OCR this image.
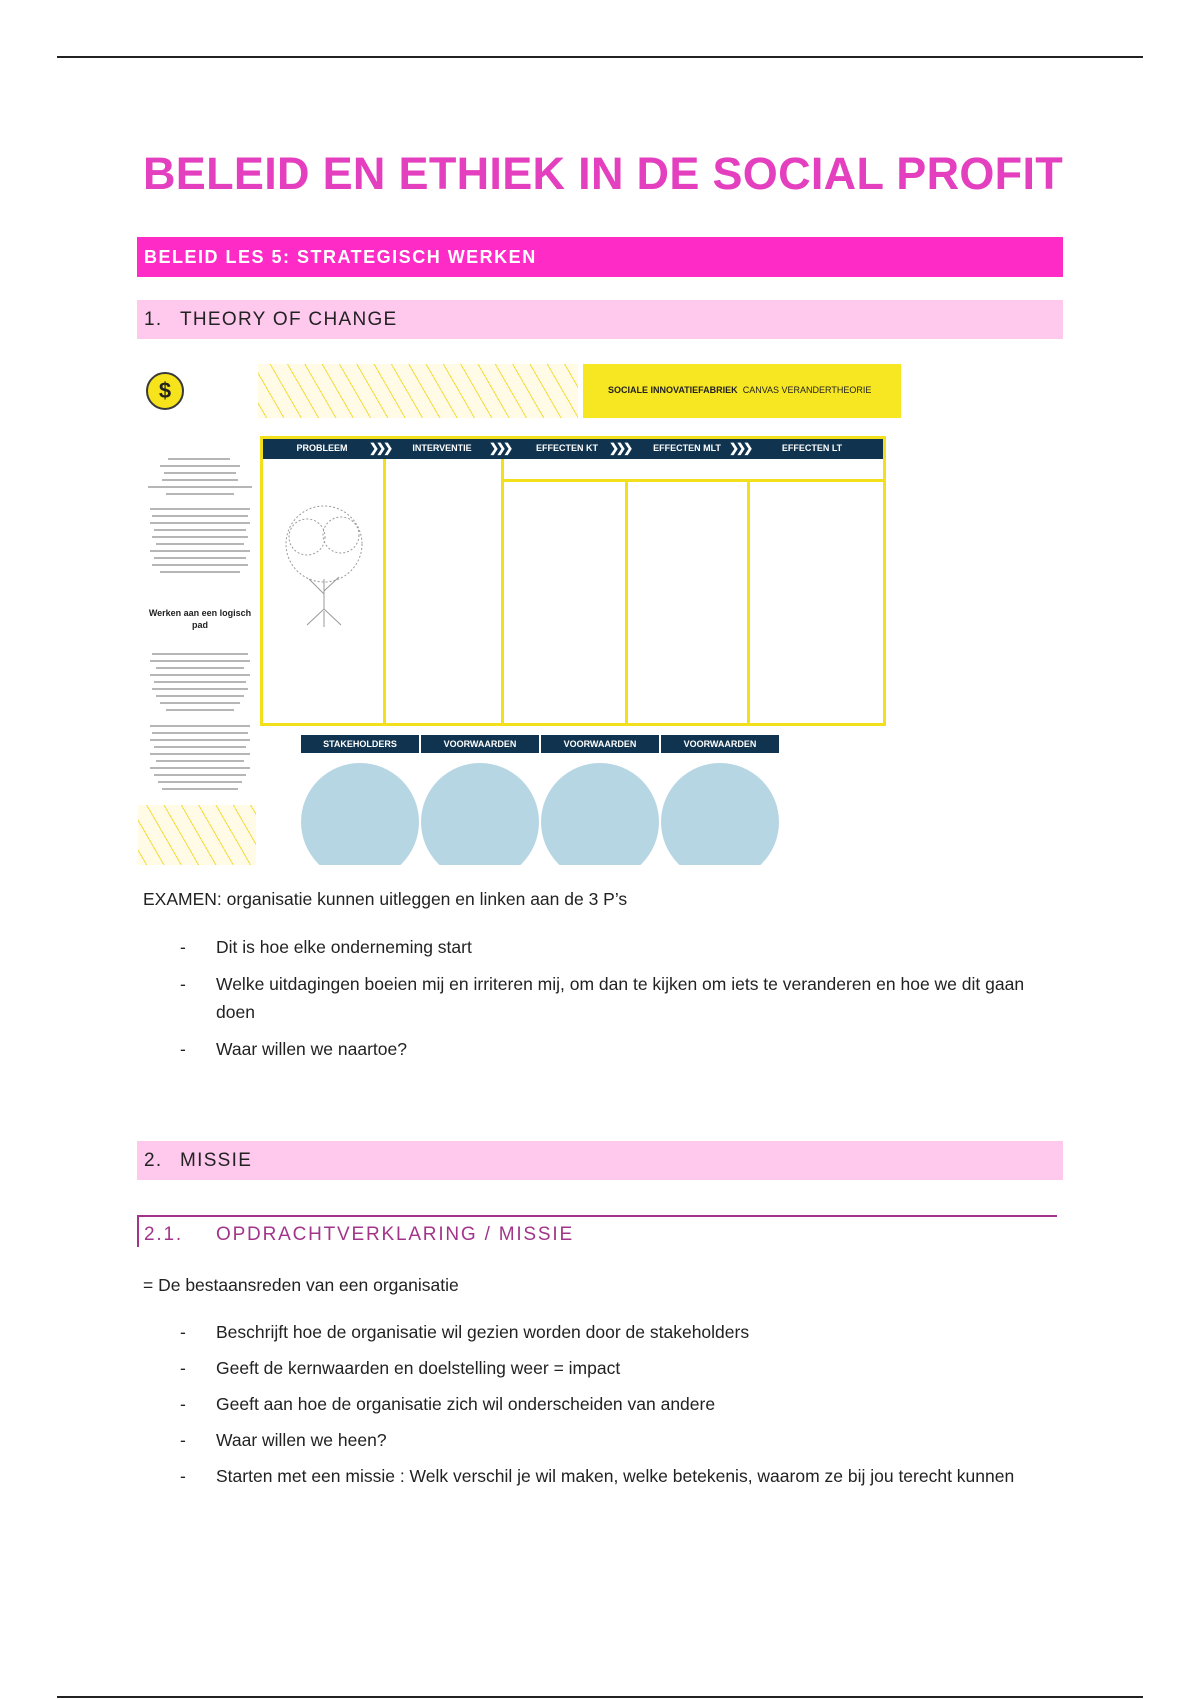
BELEID EN ETHIEK IN DE SOCIAL PROFIT
BELEID LES 5: STRATEGISCH WERKEN
1. THEORY OF CHANGE
$	SOCIALE INNOVATIEFABRIEK CANVAS VERANDERTHEORIE
Werken aan een logisch pad
PROBLEEM	❯❯❯	INTERVENTIE	❯❯❯	EFFECTEN KT ❯❯❯	EFFECTEN MLT ❯❯❯	EFFECTEN LT
STAKEHOLDERS	VOORWAARDEN	VOORWAARDEN	VOORWAARDEN

EXAMEN: organisatie kunnen uitleggen en linken aan de 3 P’s

- Dit is hoe elke onderneming start
- Welke uitdagingen boeien mij en irriteren mij, om dan te kijken om iets te veranderen en hoe we dit gaan doen
- Waar willen we naartoe?
2. MISSIE
2.1. OPDRACHTVERKLARING / MISSIE

= De bestaansreden van een organisatie

- Beschrijft hoe de organisatie wil gezien worden door de stakeholders
- Geeft de kernwaarden en doelstelling weer = impact
- Geeft aan hoe de organisatie zich wil onderscheiden van andere
- Waar willen we heen?
- Starten met een missie : Welk verschil je wil maken, welke betekenis, waarom ze bij jou terecht kunnen
